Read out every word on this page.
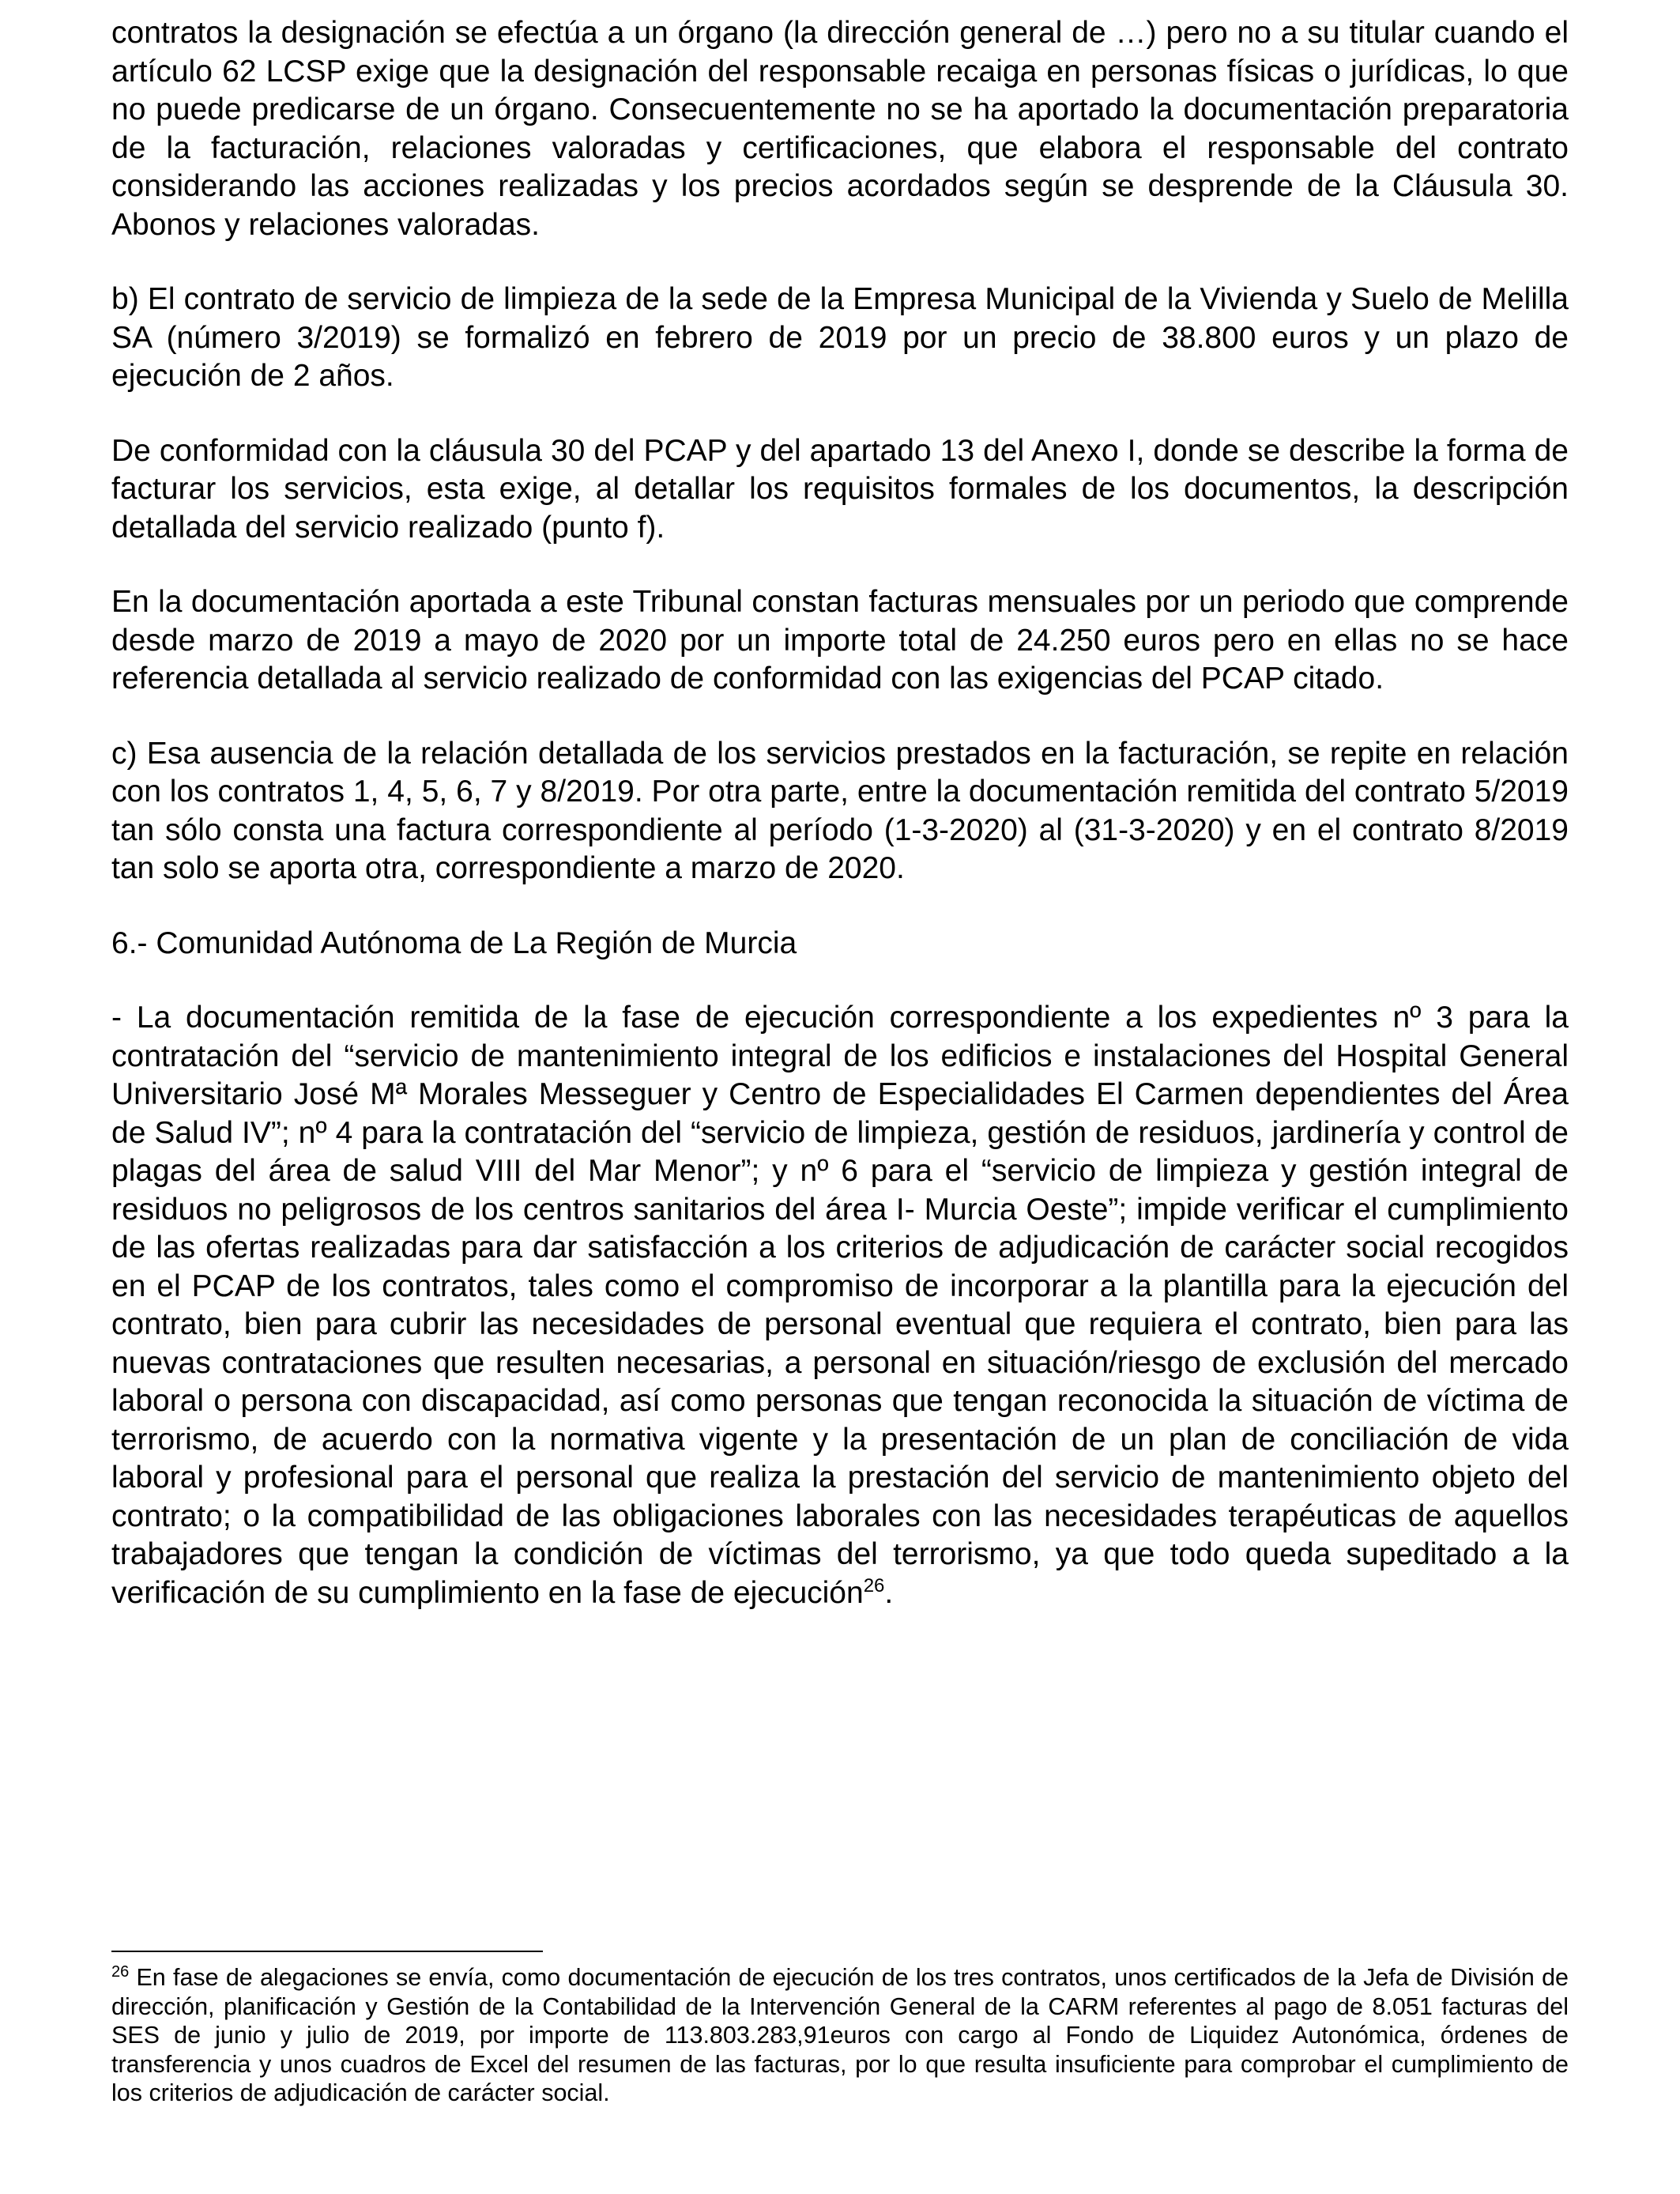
contratos la designación se efectúa a un órgano (la dirección general de …) pero no a su titular cuando el artículo 62 LCSP exige que la designación del responsable recaiga en personas físicas o jurídicas, lo que no puede predicarse de un órgano. Consecuentemente no se ha aportado la documentación preparatoria de la facturación, relaciones valoradas y certificaciones, que elabora el responsable del contrato considerando las acciones realizadas y los precios acordados según se desprende de la Cláusula 30. Abonos y relaciones valoradas.

b) El contrato de servicio de limpieza de la sede de la Empresa Municipal de la Vivienda y Suelo de Melilla SA (número 3/2019) se formalizó en febrero de 2019 por un precio de 38.800 euros y un plazo de ejecución de 2 años.

De conformidad con la cláusula 30 del PCAP y del apartado 13 del Anexo I, donde se describe la forma de facturar los servicios, esta exige, al detallar los requisitos formales de los documentos, la descripción detallada del servicio realizado (punto f).

En la documentación aportada a este Tribunal constan facturas mensuales por un periodo que comprende desde marzo de 2019 a mayo de 2020 por un importe total de 24.250 euros pero en ellas no se hace referencia detallada al servicio realizado de conformidad con las exigencias del PCAP citado.

c) Esa ausencia de la relación detallada de los servicios prestados en la facturación, se repite en relación con los contratos 1, 4, 5, 6, 7 y 8/2019. Por otra parte, entre la documentación remitida del contrato 5/2019 tan sólo consta una factura correspondiente al período (1-3-2020) al (31-3-2020) y en el contrato 8/2019 tan solo se aporta otra, correspondiente a marzo de 2020.

6.- Comunidad Autónoma de La Región de Murcia

- La documentación remitida de la fase de ejecución correspondiente a los expedientes nº 3 para la contratación del “servicio de mantenimiento integral de los edificios e instalaciones del Hospital General Universitario José Mª Morales Messeguer y Centro de Especialidades El Carmen dependientes del Área de Salud IV”; nº 4 para la contratación del “servicio de limpieza, gestión de residuos, jardinería y control de plagas del área de salud VIII del Mar Menor”; y nº 6 para el “servicio de limpieza y gestión integral de residuos no peligrosos de los centros sanitarios del área I- Murcia Oeste”; impide verificar el cumplimiento de las ofertas realizadas para dar satisfacción a los criterios de adjudicación de carácter social recogidos en el PCAP de los contratos, tales como el compromiso de incorporar a la plantilla para la ejecución del contrato, bien para cubrir las necesidades de personal eventual que requiera el contrato, bien para las nuevas contrataciones que resulten necesarias, a personal en situación/riesgo de exclusión del mercado laboral o persona con discapacidad, así como personas que tengan reconocida la situación de víctima de terrorismo, de acuerdo con la normativa vigente y la presentación de un plan de conciliación de vida laboral y profesional para el personal que realiza la prestación del servicio de mantenimiento objeto del contrato; o la compatibilidad de las obligaciones laborales con las necesidades terapéuticas de aquellos trabajadores que tengan la condición de víctimas del terrorismo, ya que todo queda supeditado a la verificación de su cumplimiento en la fase de ejecución$^{26}$.

$^{26}$ En fase de alegaciones se envía, como documentación de ejecución de los tres contratos, unos certificados de la Jefa de División de dirección, planificación y Gestión de la Contabilidad de la Intervención General de la CARM referentes al pago de 8.051 facturas del SES de junio y julio de 2019, por importe de 113.803.283,91euros con cargo al Fondo de Liquidez Autonómica, órdenes de transferencia y unos cuadros de Excel del resumen de las facturas, por lo que resulta insuficiente para comprobar el cumplimiento de los criterios de adjudicación de carácter social.
